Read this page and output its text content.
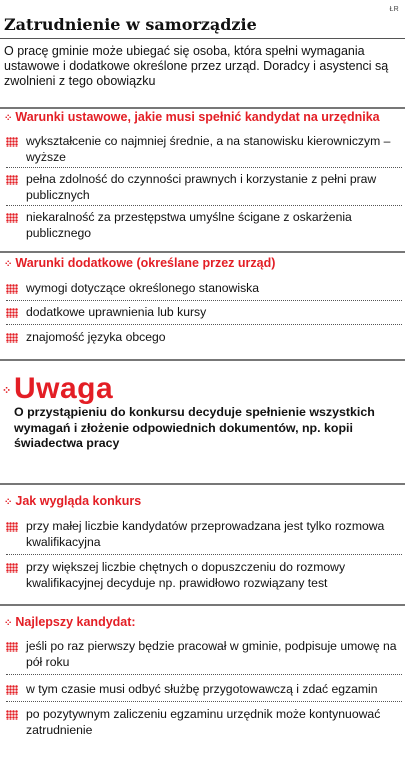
ŁR
Zatrudnienie w samorządzie
O pracę gminie może ubiegać się osoba, która spełni wymagania ustawowe i dodatkowe określone przez urząd. Doradcy i asystenci są zwolnieni z tego obowiązku
⁘ Warunki ustawowe, jakie musi spełnić kandydat na urzędnika
wykształcenie co najmniej średnie, a na stanowisku kierowniczym – wyższe
pełna zdolność do czynności prawnych i korzystanie z pełni praw publicznych
niekaralność za przestępstwa umyślne ścigane z oskarżenia publicznego
⁘ Warunki dodatkowe (określane przez urząd)
wymogi dotyczące określonego stanowiska
dodatkowe uprawnienia lub kursy
znajomość języka obcego
⁘ Uwaga
O przystąpieniu do konkursu decyduje spełnienie wszystkich wymagań i złożenie odpowiednich dokumentów, np. kopii świadectwa pracy
⁘ Jak wygląda konkurs
przy małej liczbie kandydatów przeprowadzana jest tylko rozmowa kwalifikacyjna
przy większej liczbie chętnych o dopuszczeniu do rozmowy kwalifikacyjnej decyduje np. prawidłowo rozwiązany test
⁘ Najlepszy kandydat:
jeśli po raz pierwszy będzie pracował w gminie, podpisuje umowę na pół roku
w tym czasie musi odbyć służbę przygotowawczą i zdać egzamin
po pozytywnym zaliczeniu egzaminu urzędnik może kontynuować zatrudnienie
